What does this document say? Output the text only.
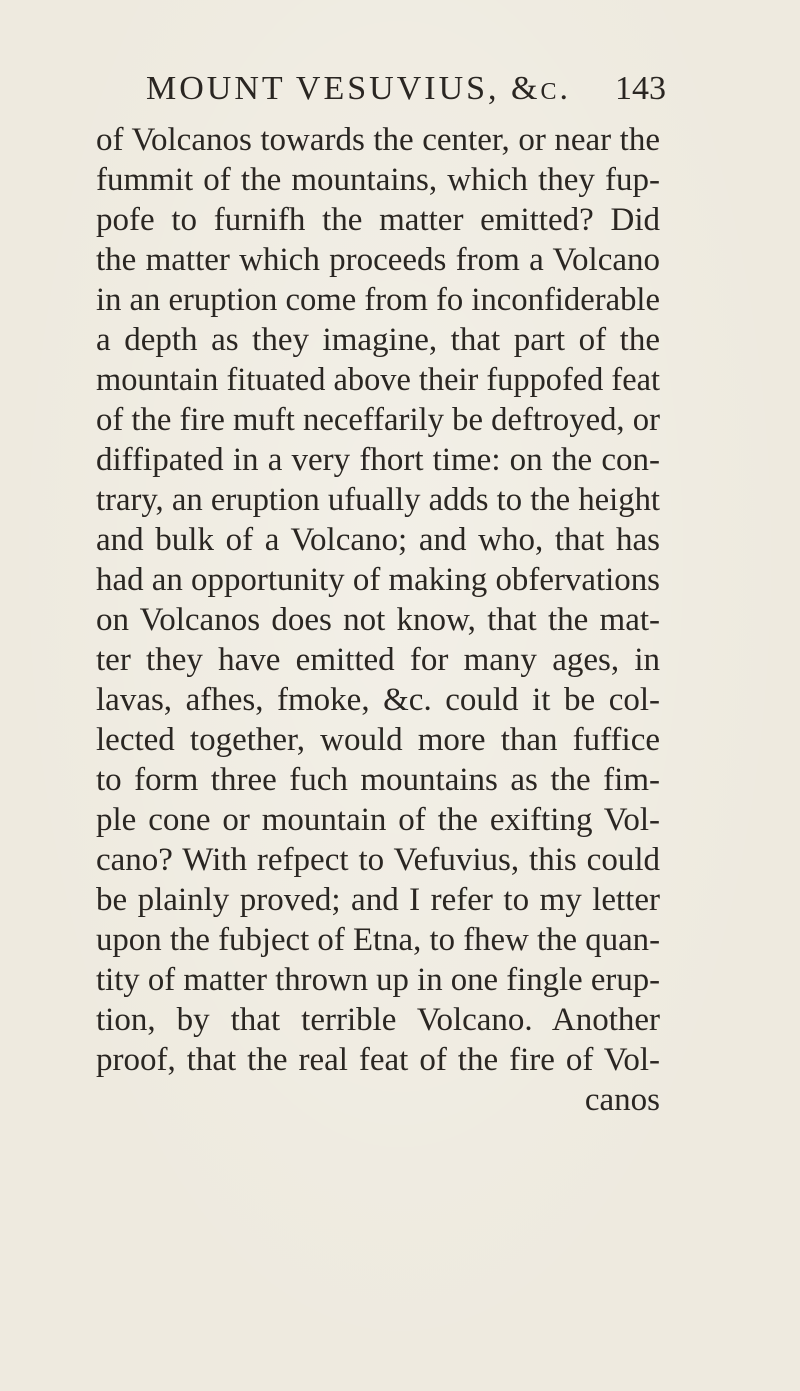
MOUNT VESUVIUS, &c. 143
of Volcanos towards the center, or near the
fummit of the mountains, which they fup-
pofe to furnifh the matter emitted? Did
the matter which proceeds from a Volcano
in an eruption come from fo inconfiderable
a depth as they imagine, that part of the
mountain fituated above their fuppofed feat
of the fire muft neceffarily be deftroyed, or
diffipated in a very fhort time: on the con-
trary, an eruption ufually adds to the height
and bulk of a Volcano; and who, that has
had an opportunity of making obfervations
on Volcanos does not know, that the mat-
ter they have emitted for many ages, in
lavas, afhes, fmoke, &c. could it be col-
lected together, would more than fuffice
to form three fuch mountains as the fim-
ple cone or mountain of the exifting Vol-
cano? With refpect to Vefuvius, this could
be plainly proved; and I refer to my letter
upon the fubject of Etna, to fhew the quan-
tity of matter thrown up in one fingle erup-
tion, by that terrible Volcano. Another
proof, that the real feat of the fire of Vol-
canos
